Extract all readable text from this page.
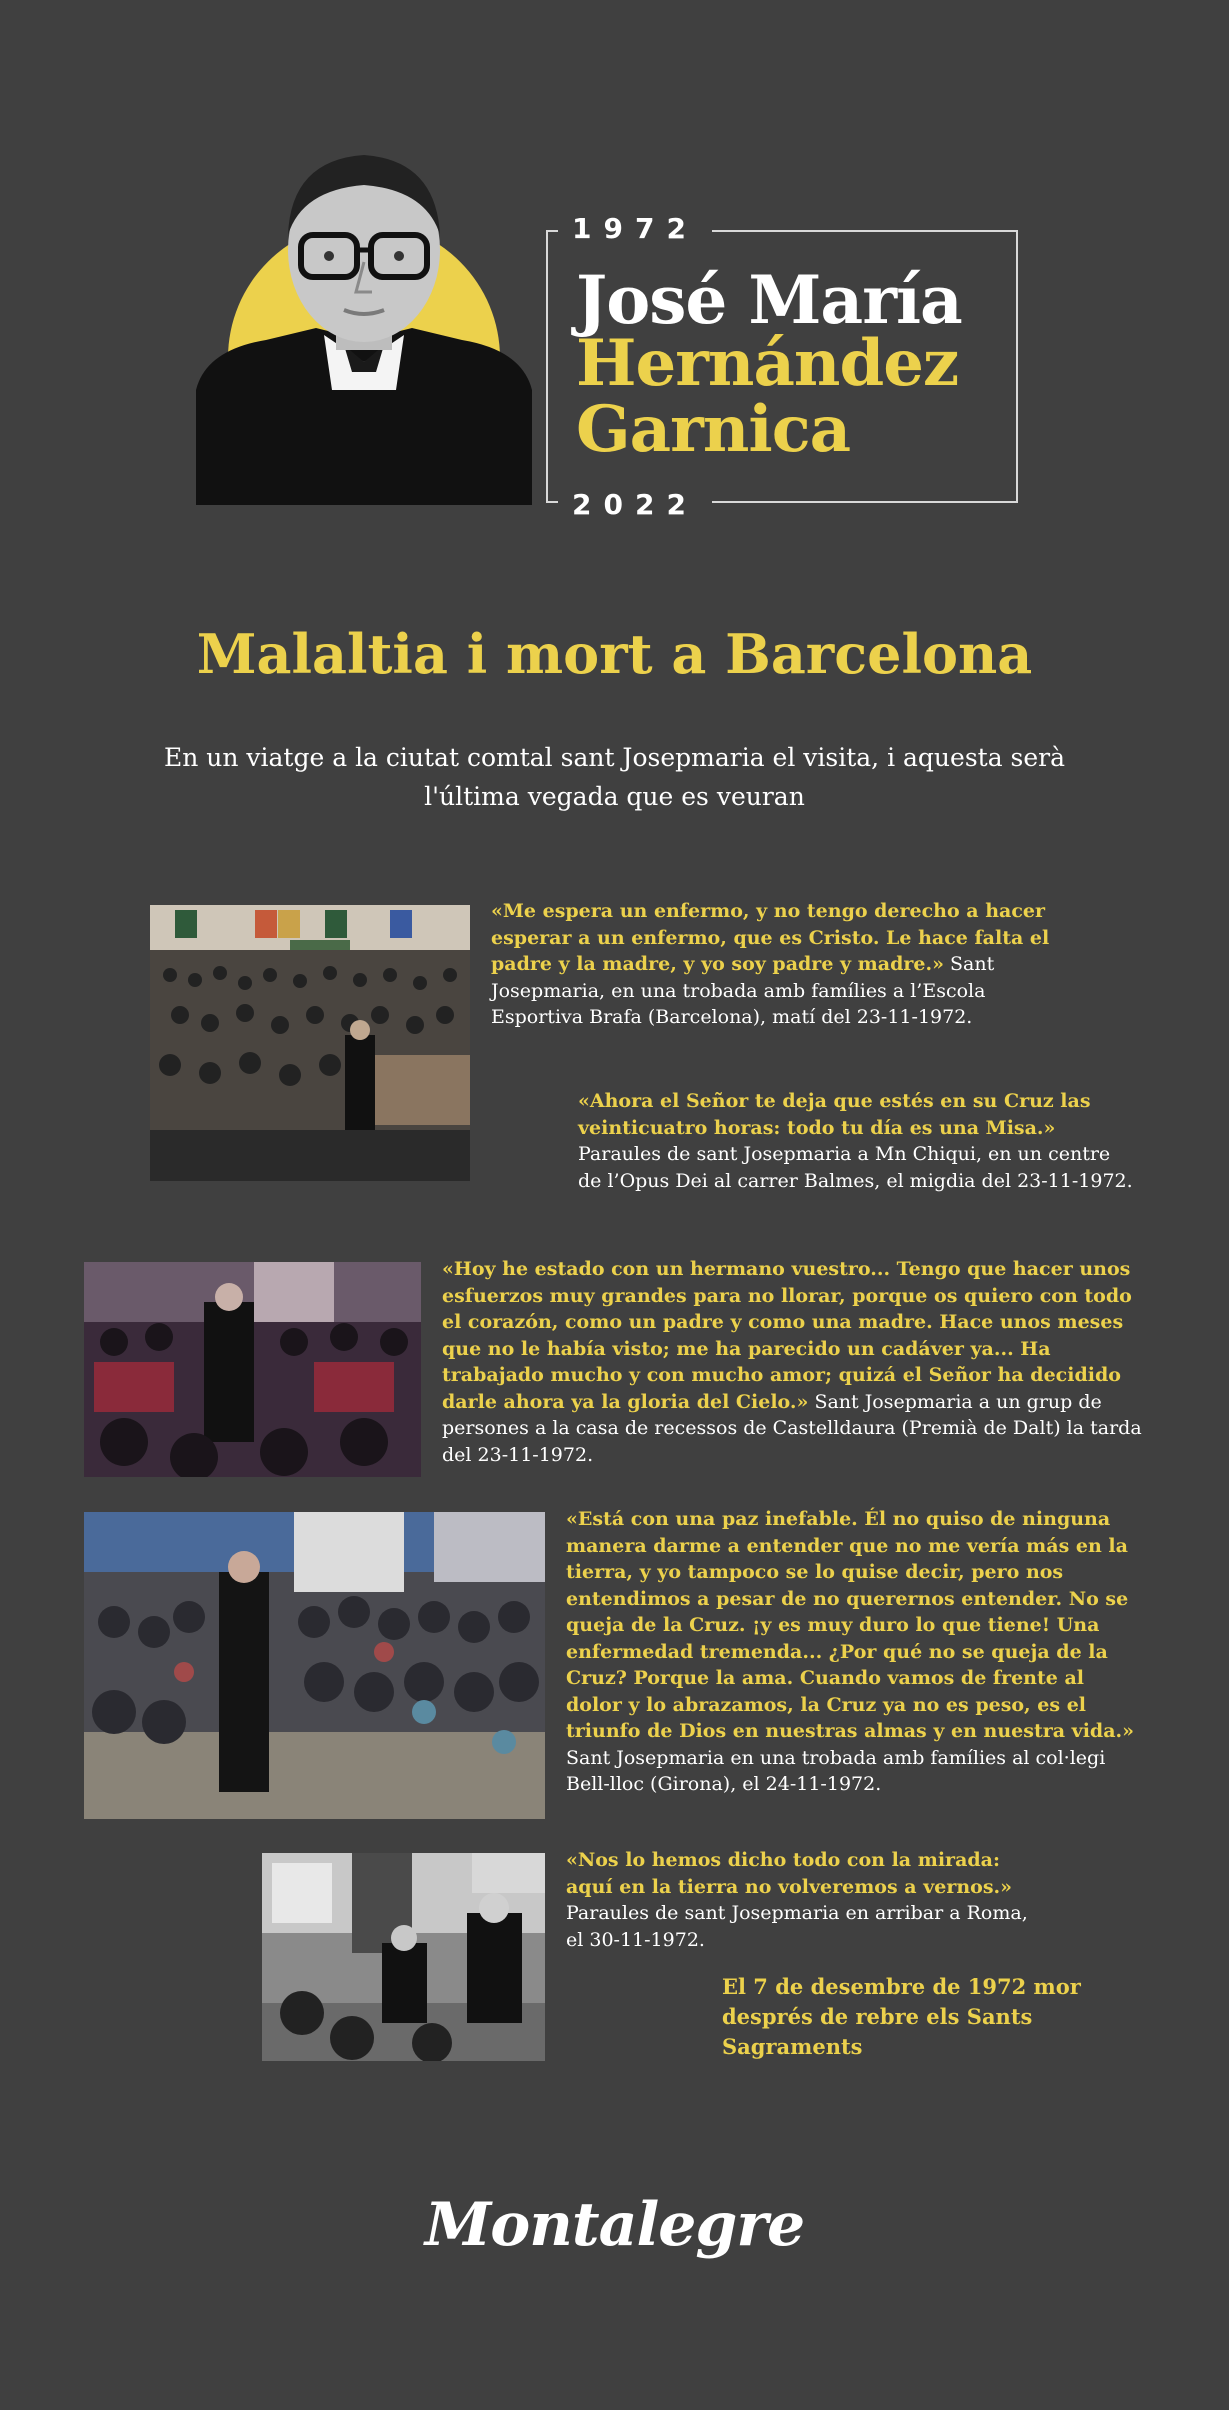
1972
José María
Hernández
Garnica
2022
Malaltia i mort a Barcelona
En un viatge a la ciutat comtal sant Josepmaria el visita, i aquesta serà l'última vegada que es veuran
«Me espera un enfermo, y no tengo derecho a hacer esperar a un enfermo, que es Cristo. Le hace falta el padre y la madre, y yo soy padre y madre.» Sant Josepmaria, en una trobada amb famílies a l’Escola Esportiva Brafa (Barcelona), matí del 23-11-1972.
«Ahora el Señor te deja que estés en su Cruz las veinticuatro horas: todo tu día es una Misa.» Paraules de sant Josepmaria a Mn Chiqui, en un centre de l’Opus Dei al carrer Balmes, el migdia del 23-11-1972.
«Hoy he estado con un hermano vuestro... Tengo que hacer unos esfuerzos muy grandes para no llorar, porque os quiero con todo el corazón, como un padre y como una madre. Hace unos meses que no le había visto; me ha parecido un cadáver ya... Ha trabajado mucho y con mucho amor; quizá el Señor ha decidido darle ahora ya la gloria del Cielo.» Sant Josepmaria a un grup de persones a la casa de recessos de Castelldaura (Premià de Dalt) la tarda del 23-11-1972.
«Está con una paz inefable. Él no quiso de ninguna manera darme a entender que no me vería más en la tierra, y yo tampoco se lo quise decir, pero nos entendimos a pesar de no querernos entender. No se queja de la Cruz. ¡y es muy duro lo que tiene! Una enfermedad tremenda... ¿Por qué no se queja de la Cruz? Porque la ama. Cuando vamos de frente al dolor y lo abrazamos, la Cruz ya no es peso, es el triunfo de Dios en nuestras almas y en nuestra vida.» Sant Josepmaria en una trobada amb famílies al col·legi Bell-lloc (Girona), el 24-11-1972.
«Nos lo hemos dicho todo con la mirada: aquí en la tierra no volveremos a vernos.» Paraules de sant Josepmaria en arribar a Roma, el 30-11-1972.
El 7 de desembre de 1972 mor després de rebre els Sants Sagraments
Montalegre
